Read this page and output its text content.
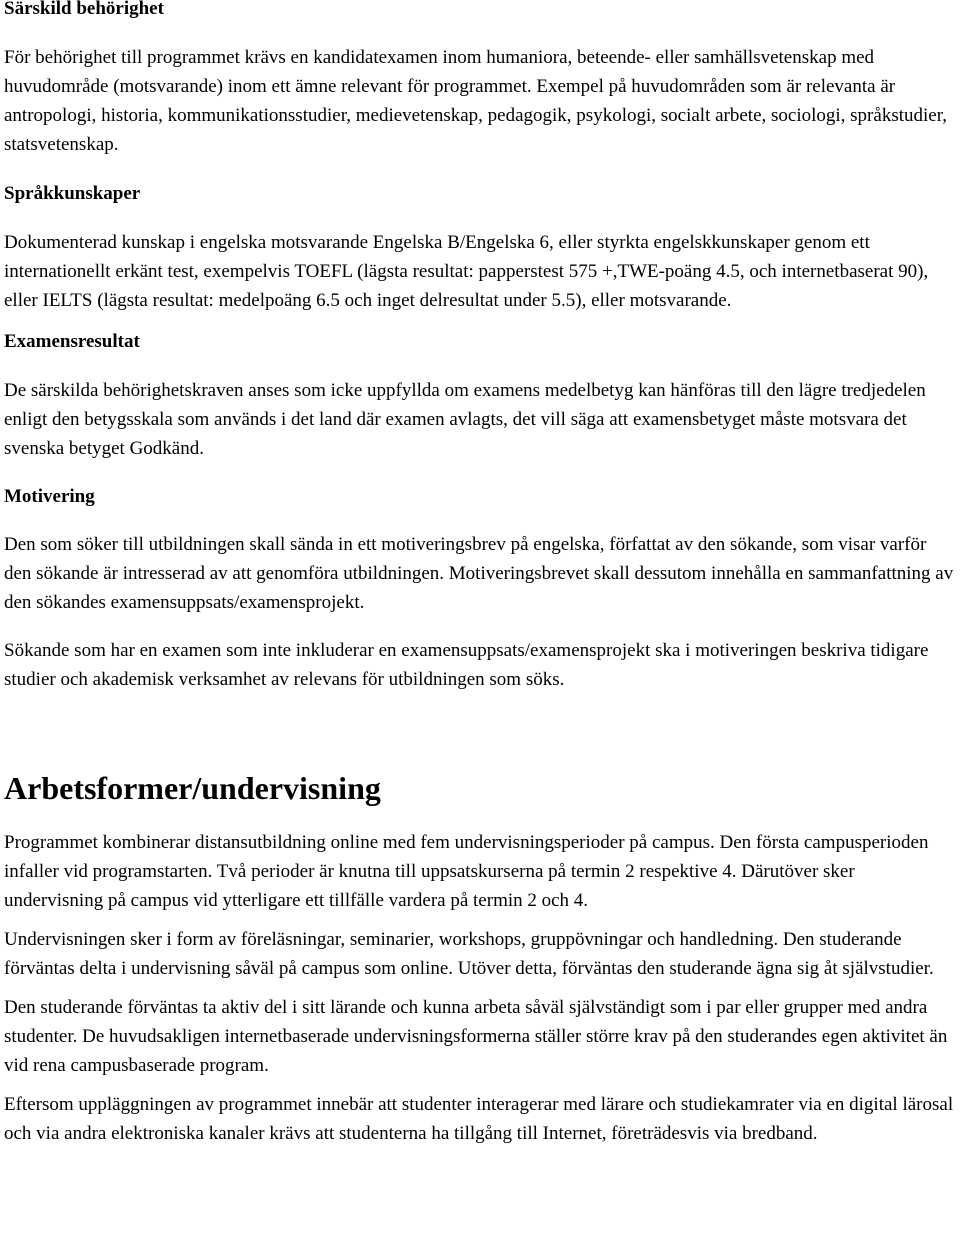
Särskild behörighet

För behörighet till programmet krävs en kandidatexamen inom humaniora, beteende- eller samhällsvetenskap med huvudområde (motsvarande) inom ett ämne relevant för programmet. Exempel på huvudområden som är relevanta är antropologi, historia, kommunikationsstudier, medievetenskap, pedagogik, psykologi, socialt arbete, sociologi, språkstudier, statsvetenskap.

Språkkunskaper

Dokumenterad kunskap i engelska motsvarande Engelska B/Engelska 6, eller styrkta engelskkunskaper genom ett internationellt erkänt test, exempelvis TOEFL (lägsta resultat: papperstest 575 +,TWE-poäng 4.5, och internetbaserat 90), eller IELTS (lägsta resultat: medelpoäng 6.5 och inget delresultat under 5.5), eller motsvarande.

Examensresultat

De särskilda behörighetskraven anses som icke uppfyllda om examens medelbetyg kan hänföras till den lägre tredjedelen enligt den betygsskala som används i det land där examen avlagts, det vill säga att examensbetyget måste motsvara det svenska betyget Godkänd.

Motivering

Den som söker till utbildningen skall sända in ett motiveringsbrev på engelska, författat av den sökande, som visar varför den sökande är intresserad av att genomföra utbildningen. Motiveringsbrevet skall dessutom innehålla en sammanfattning av den sökandes examensuppsats/examensprojekt.

Sökande som har en examen som inte inkluderar en examensuppsats/examensprojekt ska i motiveringen beskriva tidigare studier och akademisk verksamhet av relevans för utbildningen som söks.

Arbetsformer/undervisning

Programmet kombinerar distansutbildning online med fem undervisningsperioder på campus. Den första campusperioden infaller vid programstarten. Två perioder är knutna till uppsatskurserna på termin 2 respektive 4. Därutöver sker undervisning på campus vid ytterligare ett tillfälle vardera på termin 2 och 4.

Undervisningen sker i form av föreläsningar, seminarier, workshops, gruppövningar och handledning. Den studerande förväntas delta i undervisning såväl på campus som online. Utöver detta, förväntas den studerande ägna sig åt självstudier.

Den studerande förväntas ta aktiv del i sitt lärande och kunna arbeta såväl självständigt som i par eller grupper med andra studenter. De huvudsakligen internetbaserade undervisningsformerna ställer större krav på den studerandes egen aktivitet än vid rena campusbaserade program.

Eftersom uppläggningen av programmet innebär att studenter interagerar med lärare och studiekamrater via en digital lärosal och via andra elektroniska kanaler krävs att studenterna ha tillgång till Internet, företrädesvis via bredband.
